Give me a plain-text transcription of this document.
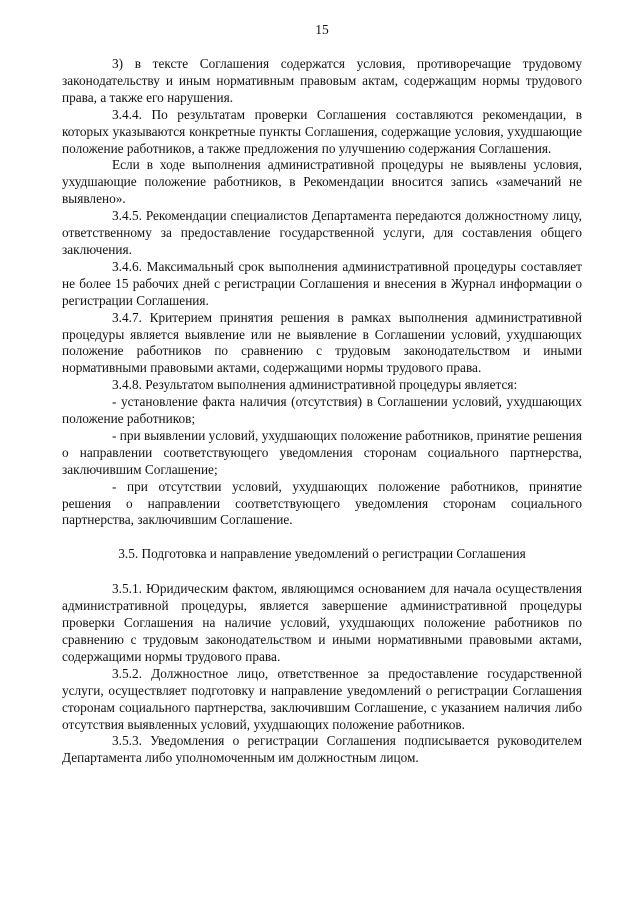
15

3) в тексте Соглашения содержатся условия, противоречащие трудовому законодательству и иным нормативным правовым актам, содержащим нормы трудового права, а также его нарушения.

3.4.4. По результатам проверки Соглашения составляются рекомендации, в которых указываются конкретные пункты Соглашения, содержащие условия, ухудшающие положение работников, а также предложения по улучшению содержания Соглашения.

Если в ходе выполнения административной процедуры не выявлены условия, ухудшающие положение работников, в Рекомендации вносится запись «замечаний не выявлено».

3.4.5. Рекомендации специалистов Департамента передаются должностному лицу, ответственному за предоставление государственной услуги, для составления общего заключения.

3.4.6. Максимальный срок выполнения административной процедуры составляет не более 15 рабочих дней с регистрации Соглашения и внесения в Журнал информации о регистрации Соглашения.

3.4.7. Критерием принятия решения в рамках выполнения административной процедуры является выявление или не выявление в Соглашении условий, ухудшающих положение работников по сравнению с трудовым законодательством и иными нормативными правовыми актами, содержащими нормы трудового права.

3.4.8. Результатом выполнения административной процедуры является:

- установление факта наличия (отсутствия) в Соглашении условий, ухудшающих положение работников;

- при выявлении условий, ухудшающих положение работников, принятие решения о направлении соответствующего уведомления сторонам социального партнерства, заключившим Соглашение;

- при отсутствии условий, ухудшающих положение работников, принятие решения о направлении соответствующего уведомления сторонам социального партнерства, заключившим Соглашение.

3.5. Подготовка и направление уведомлений о регистрации Соглашения

3.5.1. Юридическим фактом, являющимся основанием для начала осуществления административной процедуры, является завершение административной процедуры проверки Соглашения на наличие условий, ухудшающих положение работников по сравнению с трудовым законодательством и иными нормативными правовыми актами, содержащими нормы трудового права.

3.5.2. Должностное лицо, ответственное за предоставление государственной услуги, осуществляет подготовку и направление уведомлений о регистрации Соглашения сторонам социального партнерства, заключившим Соглашение, с указанием наличия либо отсутствия выявленных условий, ухудшающих положение работников.

3.5.3. Уведомления о регистрации Соглашения подписывается руководителем Департамента либо уполномоченным им должностным лицом.
